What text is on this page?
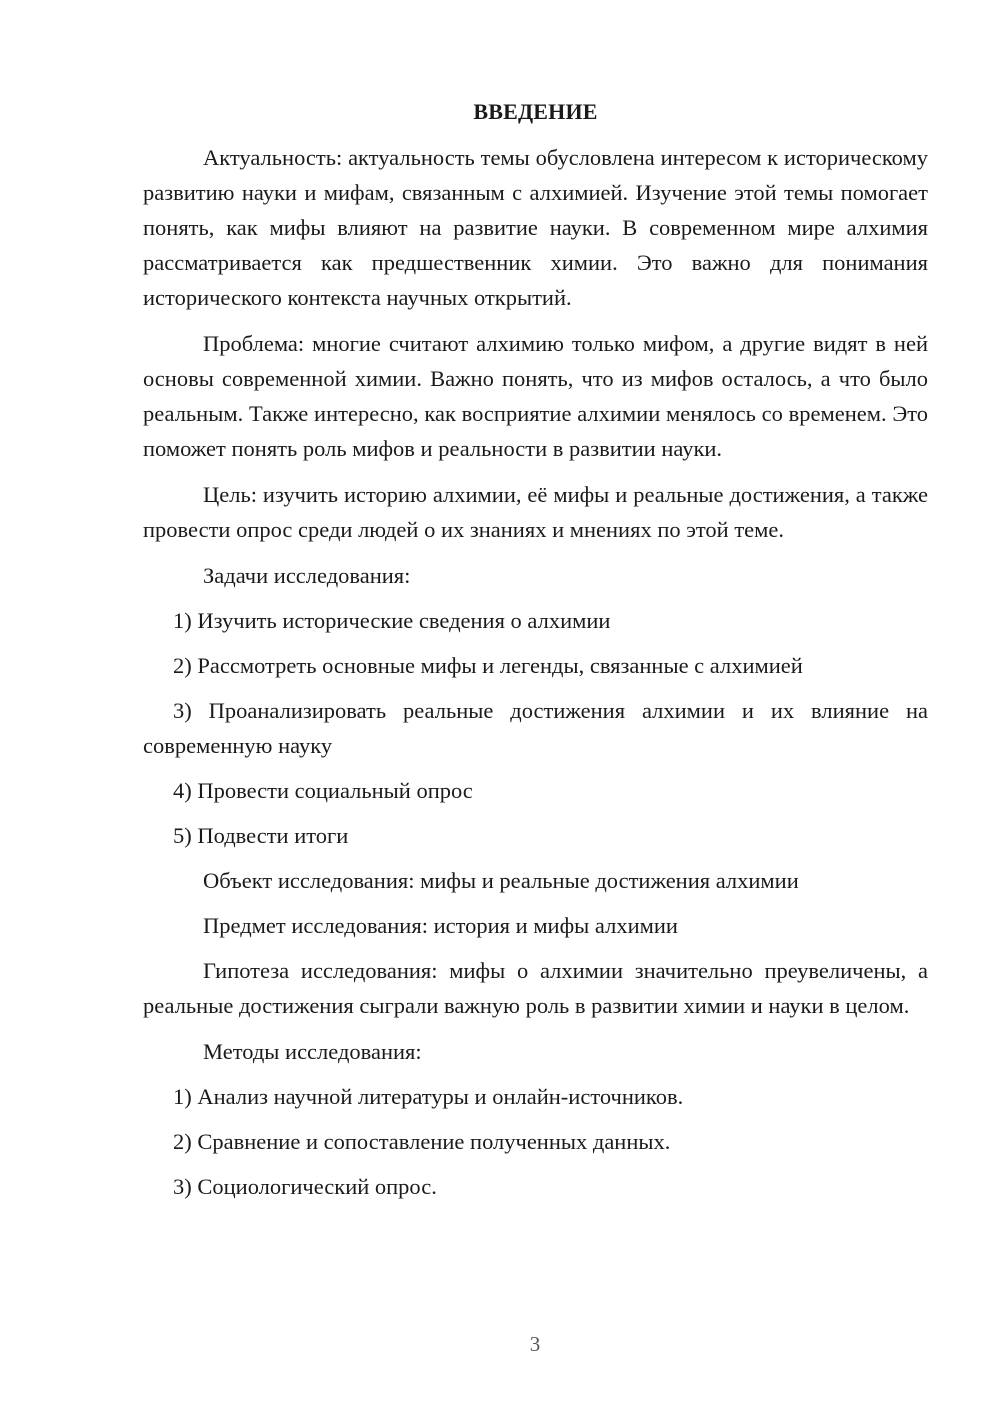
ВВЕДЕНИЕ

Актуальность: актуальность темы обусловлена интересом к историческому развитию науки и мифам, связанным с алхимией. Изучение этой темы помогает понять, как мифы влияют на развитие науки. В современном мире алхимия рассматривается как предшественник химии. Это важно для понимания исторического контекста научных открытий.

Проблема: многие считают алхимию только мифом, а другие видят в ней основы современной химии. Важно понять, что из мифов осталось, а что было реальным. Также интересно, как восприятие алхимии менялось со временем. Это поможет понять роль мифов и реальности в развитии науки.

Цель: изучить историю алхимии, её мифы и реальные достижения, а также провести опрос среди людей о их знаниях и мнениях по этой теме.

Задачи исследования:

1) Изучить исторические сведения о алхимии

2) Рассмотреть основные мифы и легенды, связанные с алхимией

3) Проанализировать реальные достижения алхимии и их влияние на современную науку

4) Провести социальный опрос

5) Подвести итоги

Объект исследования: мифы и реальные достижения алхимии

Предмет исследования: история и мифы алхимии

Гипотеза исследования: мифы о алхимии значительно преувеличены, а реальные достижения сыграли важную роль в развитии химии и науки в целом.

Методы исследования:

1) Анализ научной литературы и онлайн-источников.

2) Сравнение и сопоставление полученных данных.

3) Социологический опрос.

3
